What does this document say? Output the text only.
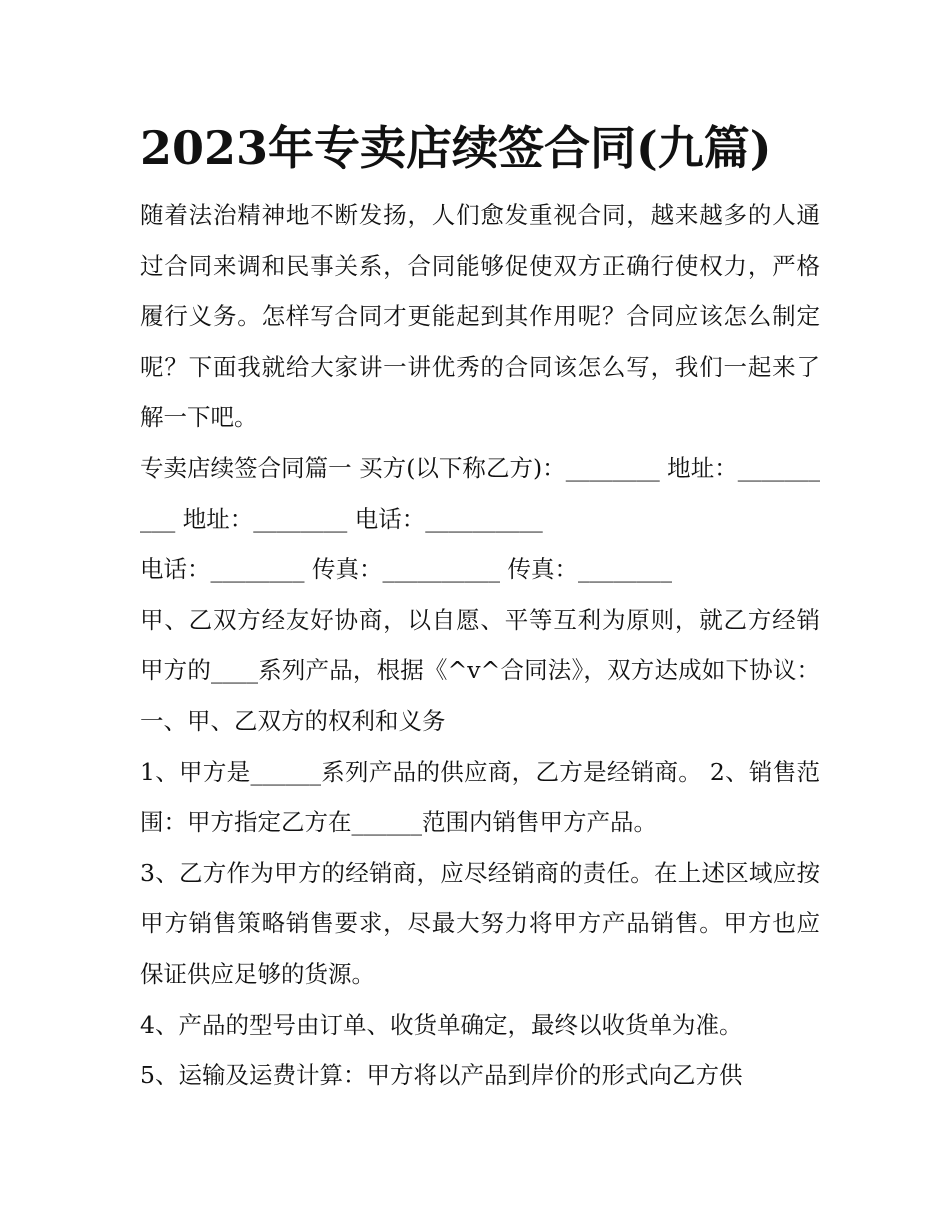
2023年专卖店续签合同(九篇)

随着法治精神地不断发扬，人们愈发重视合同，越来越多的人通过合同来调和民事关系，合同能够促使双方正确行使权力，严格履行义务。怎样写合同才更能起到其作用呢？合同应该怎么制定呢？下面我就给大家讲一讲优秀的合同该怎么写，我们一起来了解一下吧。

专卖店续签合同篇一 买方(以下称乙方)：________ 地址：__________ 地址：________ 电话：__________

电话：________ 传真：__________ 传真：________

甲、乙双方经友好协商，以自愿、平等互利为原则，就乙方经销甲方的____系列产品，根据《^v^合同法》，双方达成如下协议： 一、甲、乙双方的权利和义务

1、甲方是______系列产品的供应商，乙方是经销商。 2、销售范围：甲方指定乙方在______范围内销售甲方产品。

3、乙方作为甲方的经销商，应尽经销商的责任。在上述区域应按甲方销售策略销售要求，尽最大努力将甲方产品销售。甲方也应保证供应足够的货源。

4、产品的型号由订单、收货单确定，最终以收货单为准。

5、运输及运费计算：甲方将以产品到岸价的形式向乙方供
